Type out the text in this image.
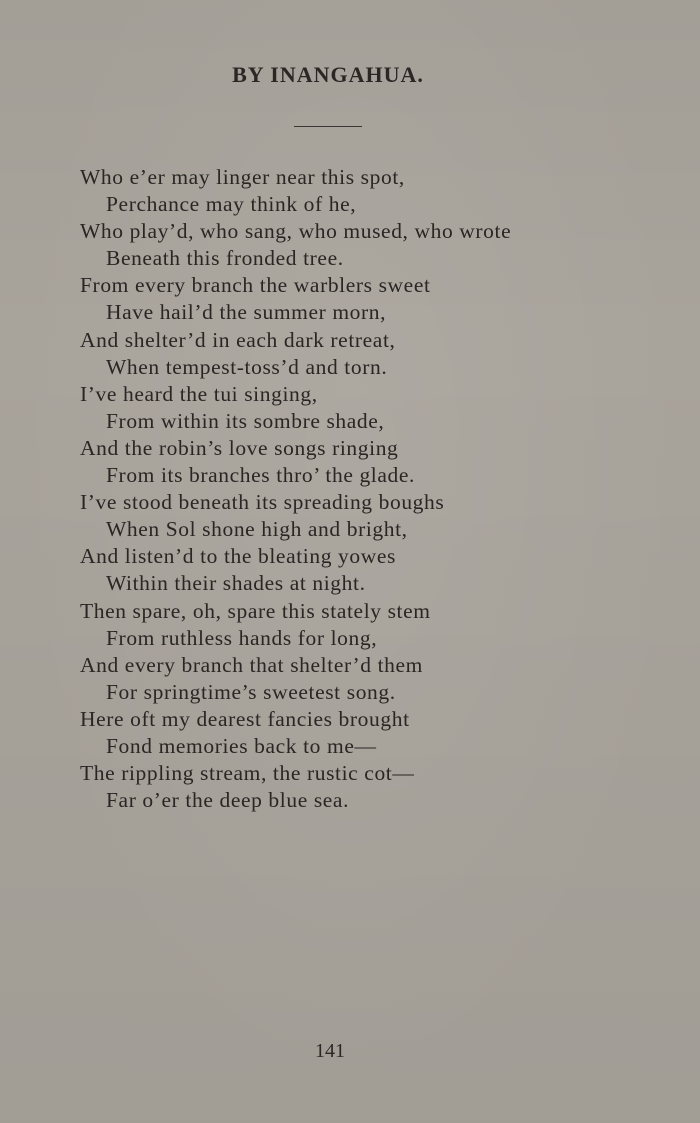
BY INANGAHUA.
Who e’er may linger near this spot,
Perchance may think of he,
Who play’d, who sang, who mused, who wrote
Beneath this fronded tree.
From every branch the warblers sweet
Have hail’d the summer morn,
And shelter’d in each dark retreat,
When tempest-toss’d and torn.
I’ve heard the tui singing,
From within its sombre shade,
And the robin’s love songs ringing
From its branches thro’ the glade.
I’ve stood beneath its spreading boughs
When Sol shone high and bright,
And listen’d to the bleating yowes
Within their shades at night.
Then spare, oh, spare this stately stem
From ruthless hands for long,
And every branch that shelter’d them
For springtime’s sweetest song.
Here oft my dearest fancies brought
Fond memories back to me—
The rippling stream, the rustic cot—
Far o’er the deep blue sea.
141
